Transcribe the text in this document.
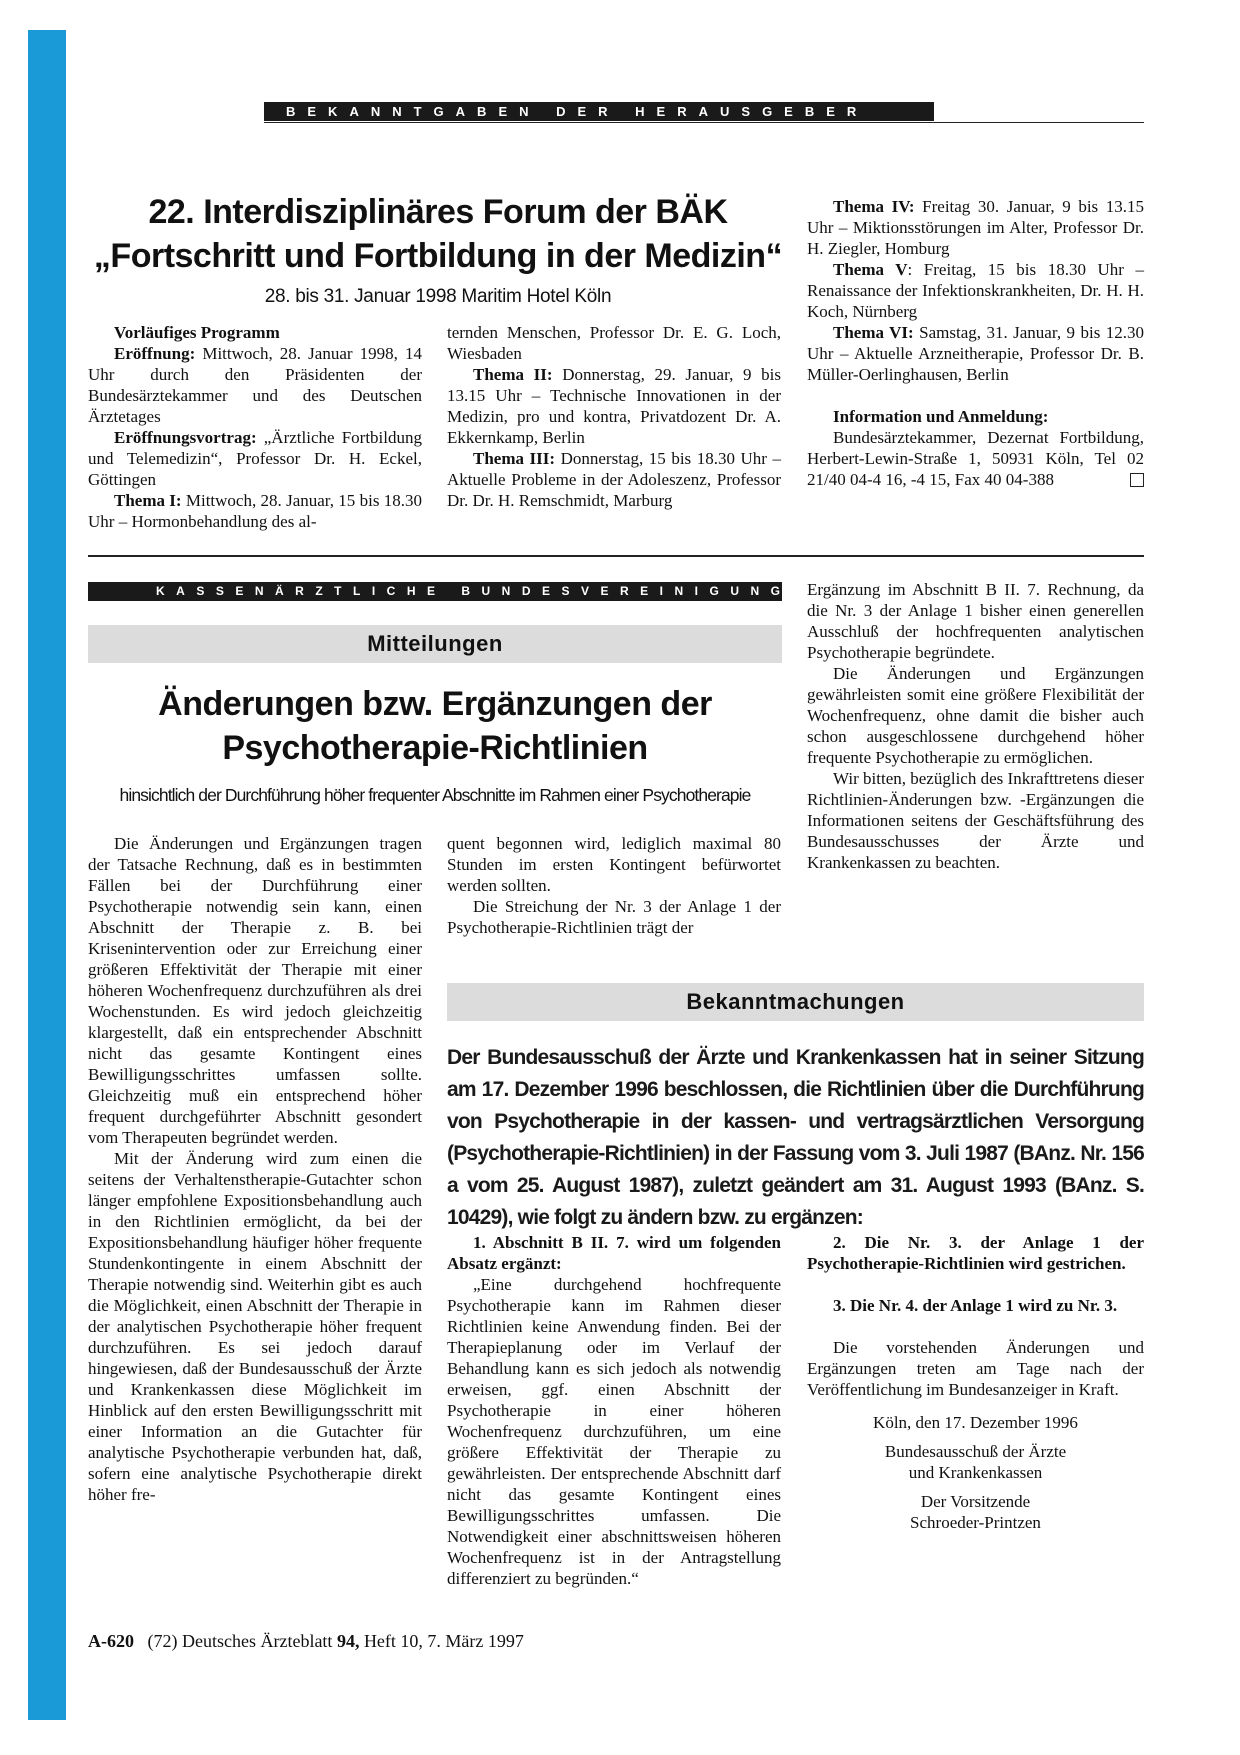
BEKANNTGABEN DER HERAUSGEBER
22. Interdisziplinäres Forum der BÄK
„Fortschritt und Fortbildung in der Medizin“
28. bis 31. Januar 1998 Maritim Hotel Köln

Vorläufiges Programm

Eröffnung: Mittwoch, 28. Januar 1998, 14 Uhr durch den Präsidenten der Bundesärztekammer und des Deutschen Ärztetages

Eröffnungsvortrag: „Ärztliche Fortbildung und Telemedizin“, Professor Dr. H. Eckel, Göttingen

Thema I: Mittwoch, 28. Januar, 15 bis 18.30 Uhr – Hormonbehandlung des al-

ternden Menschen, Professor Dr. E. G. Loch, Wiesbaden

Thema II: Donnerstag, 29. Januar, 9 bis 13.15 Uhr – Technische Innovationen in der Medizin, pro und kontra, Privatdozent Dr. A. Ekkernkamp, Berlin

Thema III: Donnerstag, 15 bis 18.30 Uhr – Aktuelle Probleme in der Adoleszenz, Professor Dr. Dr. H. Remschmidt, Marburg

Thema IV: Freitag 30. Januar, 9 bis 13.15 Uhr – Miktionsstörungen im Alter, Professor Dr. H. Ziegler, Homburg

Thema V: Freitag, 15 bis 18.30 Uhr – Renaissance der Infektionskrankheiten, Dr. H. H. Koch, Nürnberg

Thema VI: Samstag, 31. Januar, 9 bis 12.30 Uhr – Aktuelle Arzneitherapie, Professor Dr. B. Müller-Oerlinghausen, Berlin

Information und Anmeldung:

Bundesärztekammer, Dezernat Fortbildung, Herbert-Lewin-Straße 1, 50931 Köln, Tel 02 21/40 04-4 16, -4 15, Fax 40 04-388

KASSENÄRZTLICHE BUNDESVEREINIGUNG
Mitteilungen
Änderungen bzw. Ergänzungen der
Psychotherapie-Richtlinien
hinsichtlich der Durchführung höher frequenter Abschnitte im Rahmen einer Psychotherapie

Die Änderungen und Ergänzungen tragen der Tatsache Rechnung, daß es in bestimmten Fällen bei der Durchführung einer Psychotherapie notwendig sein kann, einen Abschnitt der Therapie z. B. bei Krisenintervention oder zur Erreichung einer größeren Effektivität der Therapie mit einer höheren Wochenfrequenz durchzuführen als drei Wochenstunden. Es wird jedoch gleichzeitig klargestellt, daß ein entsprechender Abschnitt nicht das gesamte Kontingent eines Bewilligungsschrittes umfassen sollte. Gleichzeitig muß ein entsprechend höher frequent durchgeführter Abschnitt gesondert vom Therapeuten begründet werden.

Mit der Änderung wird zum einen die seitens der Verhaltenstherapie-Gutachter schon länger empfohlene Expositionsbehandlung auch in den Richtlinien ermöglicht, da bei der Expositionsbehandlung häufiger höher frequente Stundenkontingente in einem Abschnitt der Therapie notwendig sind. Weiterhin gibt es auch die Möglichkeit, einen Abschnitt der Therapie in der analytischen Psychotherapie höher frequent durchzuführen. Es sei jedoch darauf hingewiesen, daß der Bundesausschuß der Ärzte und Krankenkassen diese Möglichkeit im Hinblick auf den ersten Bewilligungsschritt mit einer Information an die Gutachter für analytische Psychotherapie verbunden hat, daß, sofern eine analytische Psychotherapie direkt höher fre-

quent begonnen wird, lediglich maximal 80 Stunden im ersten Kontingent befürwortet werden sollten.

Die Streichung der Nr. 3 der Anlage 1 der Psychotherapie-Richtlinien trägt der

Ergänzung im Abschnitt B II. 7. Rechnung, da die Nr. 3 der Anlage 1 bisher einen generellen Ausschluß der hochfrequenten analytischen Psychotherapie begründete.

Die Änderungen und Ergänzungen gewährleisten somit eine größere Flexibilität der Wochenfrequenz, ohne damit die bisher auch schon ausgeschlossene durchgehend höher frequente Psychotherapie zu ermöglichen.

Wir bitten, bezüglich des Inkrafttretens dieser Richtlinien-Änderungen bzw. -Ergänzungen die Informationen seitens der Geschäftsführung des Bundesausschusses der Ärzte und Krankenkassen zu beachten.

Bekanntmachungen
Der Bundesausschuß der Ärzte und Krankenkassen hat in seiner Sitzung am 17. Dezember 1996 beschlossen, die Richtlinien über die Durchführung von Psychotherapie in der kassen- und vertragsärztlichen Versorgung (Psychotherapie-Richtlinien) in der Fassung vom 3. Juli 1987 (BAnz. Nr. 156 a vom 25. August 1987), zuletzt geändert am 31. August 1993 (BAnz. S. 10429), wie folgt zu ändern bzw. zu ergänzen:

1. Abschnitt B II. 7. wird um folgenden Absatz ergänzt:

„Eine durchgehend hochfrequente Psychotherapie kann im Rahmen dieser Richtlinien keine Anwendung finden. Bei der Therapieplanung oder im Verlauf der Behandlung kann es sich jedoch als notwendig erweisen, ggf. einen Abschnitt der Psychotherapie in einer höheren Wochenfrequenz durchzuführen, um eine größere Effektivität der Therapie zu gewährleisten. Der entsprechende Abschnitt darf nicht das gesamte Kontingent eines Bewilligungsschrittes umfassen. Die Notwendigkeit einer abschnittsweisen höheren Wochenfrequenz ist in der Antragstellung differenziert zu begründen.“

2. Die Nr. 3. der Anlage 1 der Psychotherapie-Richtlinien wird gestrichen.

3. Die Nr. 4. der Anlage 1 wird zu Nr. 3.

Die vorstehenden Änderungen und Ergänzungen treten am Tage nach der Veröffentlichung im Bundesanzeiger in Kraft.

Köln, den 17. Dezember 1996

Bundesausschuß der Ärzte

und Krankenkassen

Der Vorsitzende

Schroeder-Printzen

A-620 (72) Deutsches Ärzteblatt 94, Heft 10, 7. März 1997
